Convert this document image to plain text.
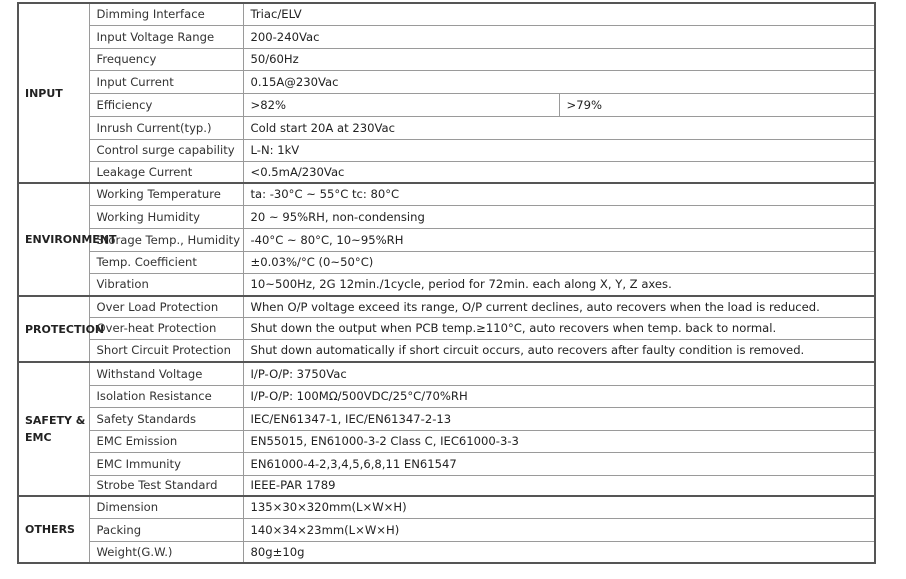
INPUT	Dimming Interface	Triac/ELV	
	Input Voltage Range	200-240Vac	
	Frequency	50/60Hz	
	Input Current	0.15A@230Vac	
	Efficiency	>82%	>79%
	Inrush Current(typ.)	Cold start 20A at 230Vac	
	Control surge capability	L-N: 1kV	
	Leakage Current	<0.5mA/230Vac	
ENVIRONMENT	Working Temperature	ta: -30°C ~ 55°C tc: 80°C	
	Working Humidity	20 ~ 95%RH, non-condensing	
	Storage Temp., Humidity	-40°C ~ 80°C, 10~95%RH	
	Temp. Coefficient	±0.03%/°C (0~50°C)	
	Vibration	10~500Hz, 2G 12min./1cycle, period for 72min. each along X, Y, Z axes.	
PROTECTION	Over Load Protection	When O/P voltage exceed its range, O/P current declines, auto recovers when the load is reduced.	
	Over-heat Protection	Shut down the output when PCB temp.≥110°C, auto recovers when temp. back to normal.	
	Short Circuit Protection	Shut down automatically if short circuit occurs, auto recovers after faulty condition is removed.	
SAFETY & EMC	Withstand Voltage	I/P-O/P: 3750Vac	
	Isolation Resistance	I/P-O/P: 100MΩ/500VDC/25°C/70%RH	
	Safety Standards	IEC/EN61347-1, IEC/EN61347-2-13	
	EMC Emission	EN55015, EN61000-3-2 Class C, IEC61000-3-3	
	EMC Immunity	EN61000-4-2,3,4,5,6,8,11 EN61547	
	Strobe Test Standard	IEEE-PAR 1789	
OTHERS	Dimension	135×30×320mm(L×W×H)	
	Packing	140×34×23mm(L×W×H)	
	Weight(G.W.)	80g±10g	
